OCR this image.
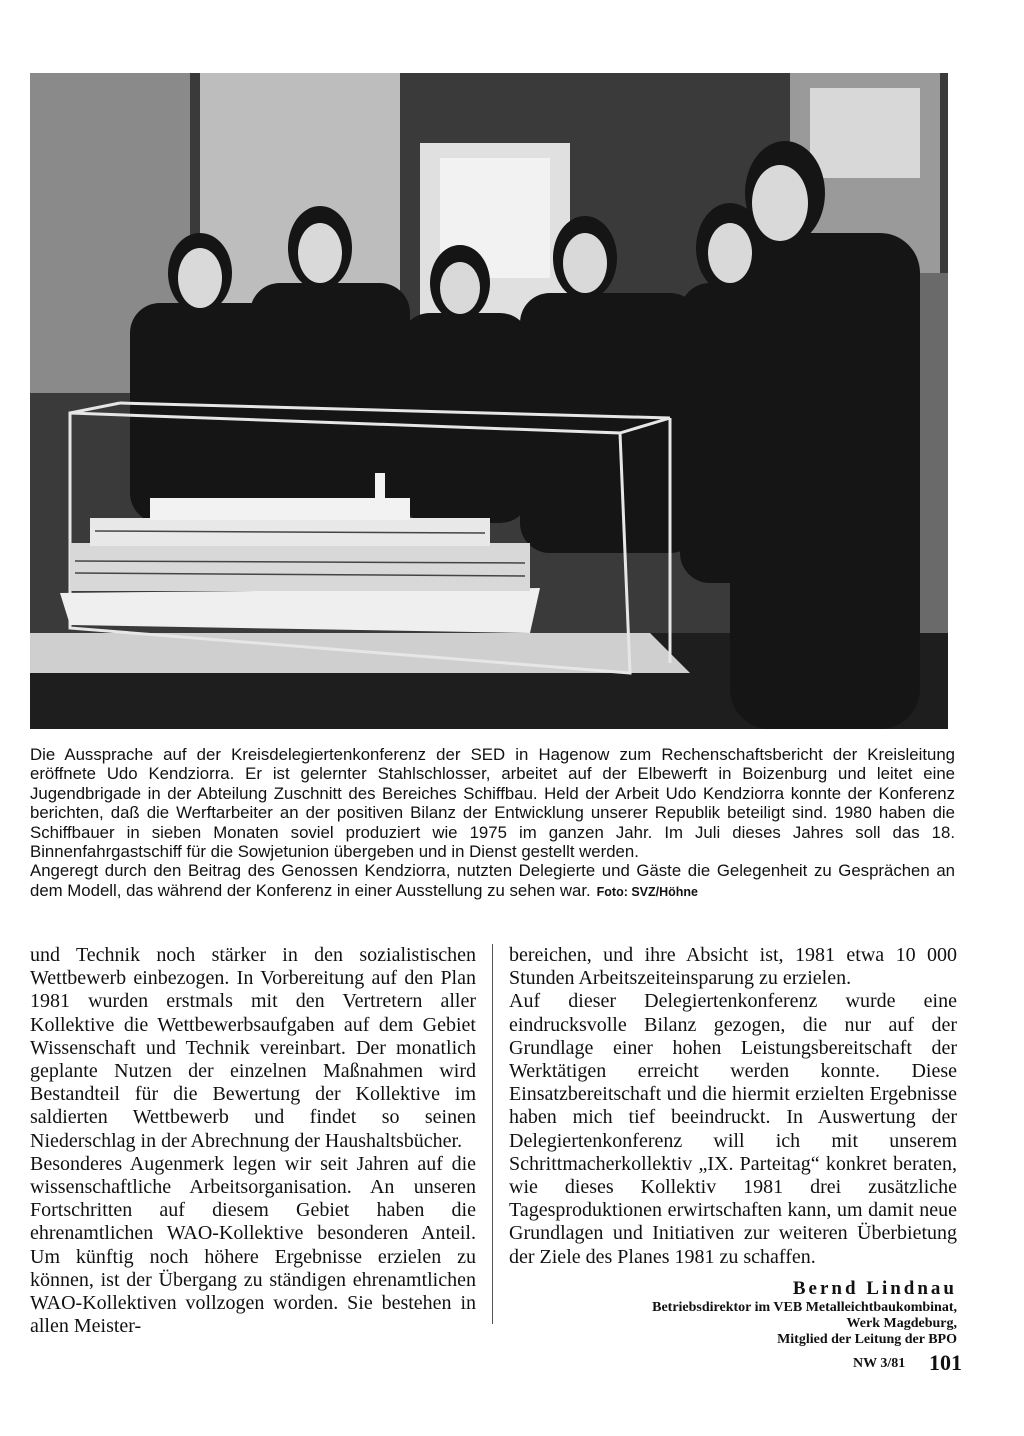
Die Aussprache auf der Kreisdelegiertenkonferenz der SED in Hagenow zum Rechenschaftsbericht der Kreisleitung eröffnete Udo Kendziorra. Er ist gelernter Stahlschlosser, arbeitet auf der Elbewerft in Boizenburg und leitet eine Jugendbrigade in der Abteilung Zuschnitt des Bereiches Schiffbau. Held der Arbeit Udo Kendziorra konnte der Konferenz berichten, daß die Werftarbeiter an der positiven Bilanz der Entwicklung unserer Republik beteiligt sind. 1980 haben die Schiffbauer in sieben Monaten soviel produziert wie 1975 im ganzen Jahr. Im Juli dieses Jahres soll das 18. Binnenfahrgastschiff für die Sowjetunion übergeben und in Dienst gestellt werden.

Angeregt durch den Beitrag des Genossen Kendziorra, nutzten Delegierte und Gäste die Gelegenheit zu Gesprächen an dem Modell, das während der Konferenz in einer Ausstellung zu sehen war. Foto: SVZ/Höhne

und Technik noch stärker in den sozialistischen Wettbewerb einbezogen. In Vorbereitung auf den Plan 1981 wurden erstmals mit den Vertretern aller Kollektive die Wettbewerbsaufgaben auf dem Gebiet Wissenschaft und Technik vereinbart. Der monatlich geplante Nutzen der einzelnen Maßnahmen wird Bestandteil für die Bewertung der Kollektive im saldierten Wettbewerb und findet so seinen Niederschlag in der Abrechnung der Haushaltsbücher.

Besonderes Augenmerk legen wir seit Jahren auf die wissenschaftliche Arbeitsorganisation. An unseren Fortschritten auf diesem Gebiet haben die ehrenamtlichen WAO-Kollektive besonderen Anteil. Um künftig noch höhere Ergebnisse erzielen zu können, ist der Übergang zu ständigen ehrenamtlichen WAO-Kollektiven vollzogen worden. Sie bestehen in allen Meister-

bereichen, und ihre Absicht ist, 1981 etwa 10 000 Stunden Arbeitszeiteinsparung zu erzielen.

Auf dieser Delegiertenkonferenz wurde eine eindrucksvolle Bilanz gezogen, die nur auf der Grundlage einer hohen Leistungsbereitschaft der Werktätigen erreicht werden konnte. Diese Einsatzbereitschaft und die hiermit erzielten Ergebnisse haben mich tief beeindruckt. In Auswertung der Delegiertenkonferenz will ich mit unserem Schrittmacherkollektiv „IX. Parteitag“ konkret beraten, wie dieses Kollektiv 1981 drei zusätzliche Tagesproduktionen erwirtschaften kann, um damit neue Grundlagen und Initiativen zur weiteren Überbietung der Ziele des Planes 1981 zu schaffen.

Bernd Lindnau
Betriebsdirektor im VEB Metalleichtbaukombinat,
Werk Magdeburg,
Mitglied der Leitung der BPO
NW 3/81 101
